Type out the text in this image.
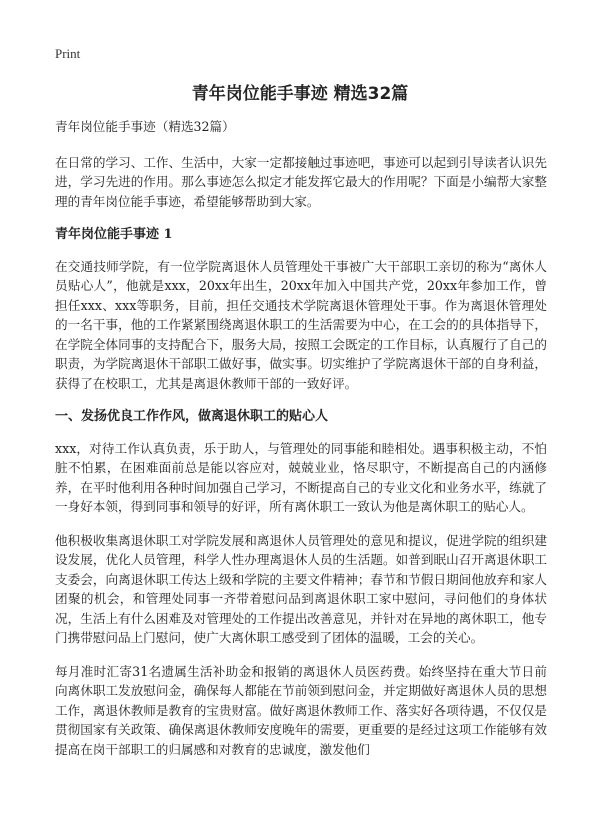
Print
青年岗位能手事迹 精选32篇

青年岗位能手事迹（精选32篇）

在日常的学习、工作、生活中，大家一定都接触过事迹吧，事迹可以起到引导读者认识先进，学习先进的作用。那么事迹怎么拟定才能发挥它最大的作用呢？下面是小编帮大家整理的青年岗位能手事迹，希望能够帮助到大家。

青年岗位能手事迹 1

在交通技师学院，有一位学院离退休人员管理处干事被广大干部职工亲切的称为“离休人员贴心人”，他就是xxx，20xx年出生，20xx年加入中国共产党，20xx年参加工作，曾担任xxx、xxx等职务，目前，担任交通技术学院离退休管理处干事。作为离退休管理处的一名干事，他的工作紧紧围绕离退休职工的生活需要为中心，在工会的的具体指导下，在学院全体同事的支持配合下，服务大局，按照工会既定的工作目标，认真履行了自己的职责，为学院离退休干部职工做好事，做实事。切实维护了学院离退休干部的自身利益，获得了在校职工，尤其是离退休教师干部的一致好评。

一、发扬优良工作作风，做离退休职工的贴心人

xxx，对待工作认真负责，乐于助人，与管理处的同事能和睦相处。遇事积极主动，不怕脏不怕累，在困难面前总是能以容应对，兢兢业业，恪尽职守，不断提高自己的内涵修养，在平时他利用各种时间加强自己学习，不断提高自己的专业文化和业务水平，练就了一身好本领，得到同事和领导的好评，所有离休职工一致认为他是离休职工的贴心人。

他积极收集离退休职工对学院发展和离退休人员管理处的意见和提议，促进学院的组织建设发展，优化人员管理，科学人性办理离退休人员的生活题。如普到眠山召开离退休职工支委会，向离退休职工传达上级和学院的主要文件精神；春节和节假日期间他放弃和家人团聚的机会，和管理处同事一齐带着慰问品到离退休职工家中慰问，寻问他们的身体状况，生活上有什么困难及对管理处的工作提出改善意见，并针对在异地的离休职工，他专门携带慰问品上门慰问，使广大离休职工感受到了团体的温暖，工会的关心。

每月准时汇寄31名遗属生活补助金和报销的离退休人员医药费。始终坚持在重大节日前向离休职工发放慰问金，确保每人都能在节前领到慰问金，并定期做好离退休人员的思想工作，离退休教师是教育的宝贵财富。做好离退休教师工作、落实好各项待遇，不仅仅是贯彻国家有关政策、确保离退休教师安度晚年的需要，更重要的是经过这项工作能够有效提高在岗干部职工的归属感和对教育的忠诚度，激发他们
